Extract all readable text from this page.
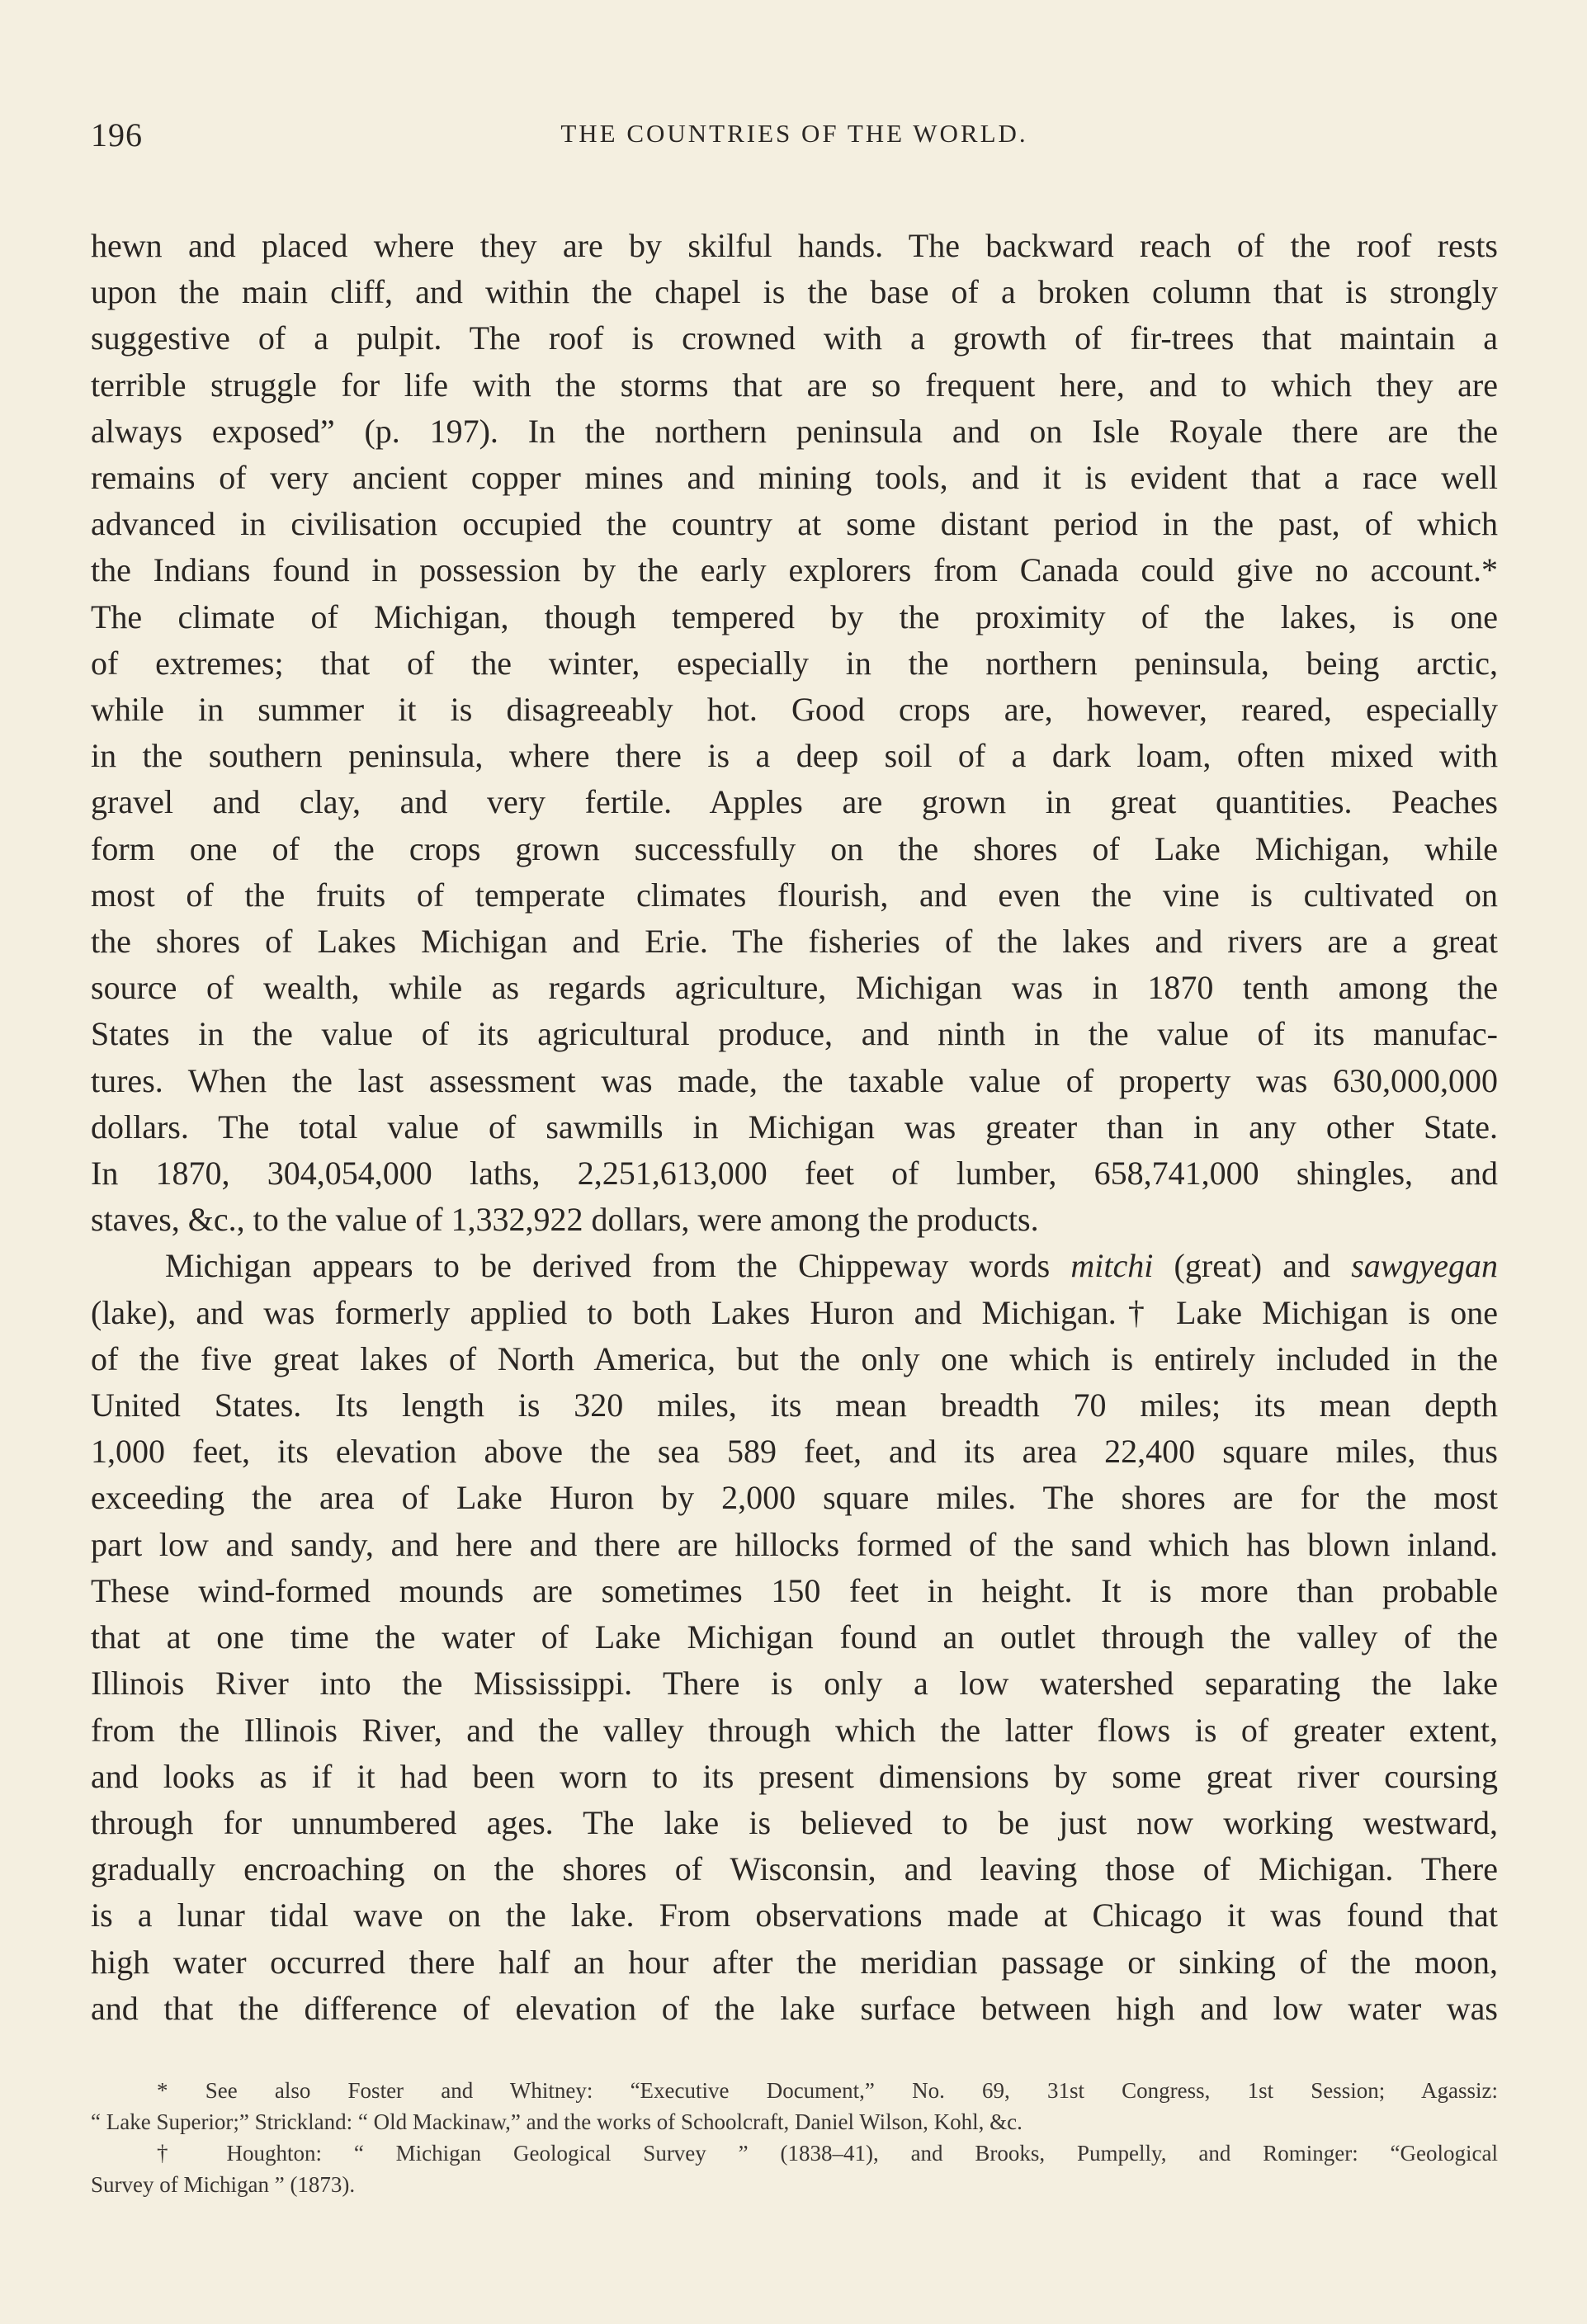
196	THE COUNTRIES OF THE WORLD.

hewn and placed where they are by skilful hands. The backward reach of the roof rests
upon the main cliff, and within the chapel is the base of a broken column that is strongly
suggestive of a pulpit. The roof is crowned with a growth of fir-trees that maintain a
terrible struggle for life with the storms that are so frequent here, and to which they are
always exposed” (p. 197). In the northern peninsula and on Isle Royale there are the
remains of very ancient copper mines and mining tools, and it is evident that a race well
advanced in civilisation occupied the country at some distant period in the past, of which
the Indians found in possession by the early explorers from Canada could give no account.*
The climate of Michigan, though tempered by the proximity of the lakes, is one
of extremes; that of the winter, especially in the northern peninsula, being arctic,
while in summer it is disagreeably hot. Good crops are, however, reared, especially
in the southern peninsula, where there is a deep soil of a dark loam, often mixed with
gravel and clay, and very fertile. Apples are grown in great quantities. Peaches
form one of the crops grown successfully on the shores of Lake Michigan, while
most of the fruits of temperate climates flourish, and even the vine is cultivated on
the shores of Lakes Michigan and Erie. The fisheries of the lakes and rivers are a great
source of wealth, while as regards agriculture, Michigan was in 1870 tenth among the
States in the value of its agricultural produce, and ninth in the value of its manufac-
tures. When the last assessment was made, the taxable value of property was 630,000,000
dollars. The total value of sawmills in Michigan was greater than in any other State.
In 1870, 304,054,000 laths, 2,251,613,000 feet of lumber, 658,741,000 shingles, and
staves, &c., to the value of 1,332,922 dollars, were among the products.

Michigan appears to be derived from the Chippeway words mitchi (great) and sawgyegan
(lake), and was formerly applied to both Lakes Huron and Michigan.† Lake Michigan is one
of the five great lakes of North America, but the only one which is entirely included in the
United States. Its length is 320 miles, its mean breadth 70 miles; its mean depth
1,000 feet, its elevation above the sea 589 feet, and its area 22,400 square miles, thus
exceeding the area of Lake Huron by 2,000 square miles. The shores are for the most
part low and sandy, and here and there are hillocks formed of the sand which has blown inland.
These wind-formed mounds are sometimes 150 feet in height. It is more than probable
that at one time the water of Lake Michigan found an outlet through the valley of the
Illinois River into the Mississippi. There is only a low watershed separating the lake
from the Illinois River, and the valley through which the latter flows is of greater extent,
and looks as if it had been worn to its present dimensions by some great river coursing
through for unnumbered ages. The lake is believed to be just now working westward,
gradually encroaching on the shores of Wisconsin, and leaving those of Michigan. There
is a lunar tidal wave on the lake. From observations made at Chicago it was found that
high water occurred there half an hour after the meridian passage or sinking of the moon,
and that the difference of elevation of the lake surface between high and low water was

* See also Foster and Whitney: “Executive Document,” No. 69, 31st Congress, 1st Session; Agassiz:
“ Lake Superior;” Strickland: “ Old Mackinaw,” and the works of Schoolcraft, Daniel Wilson, Kohl, &c.

† Houghton: “ Michigan Geological Survey ” (1838–41), and Brooks, Pumpelly, and Rominger: “Geological
Survey of Michigan ” (1873).
